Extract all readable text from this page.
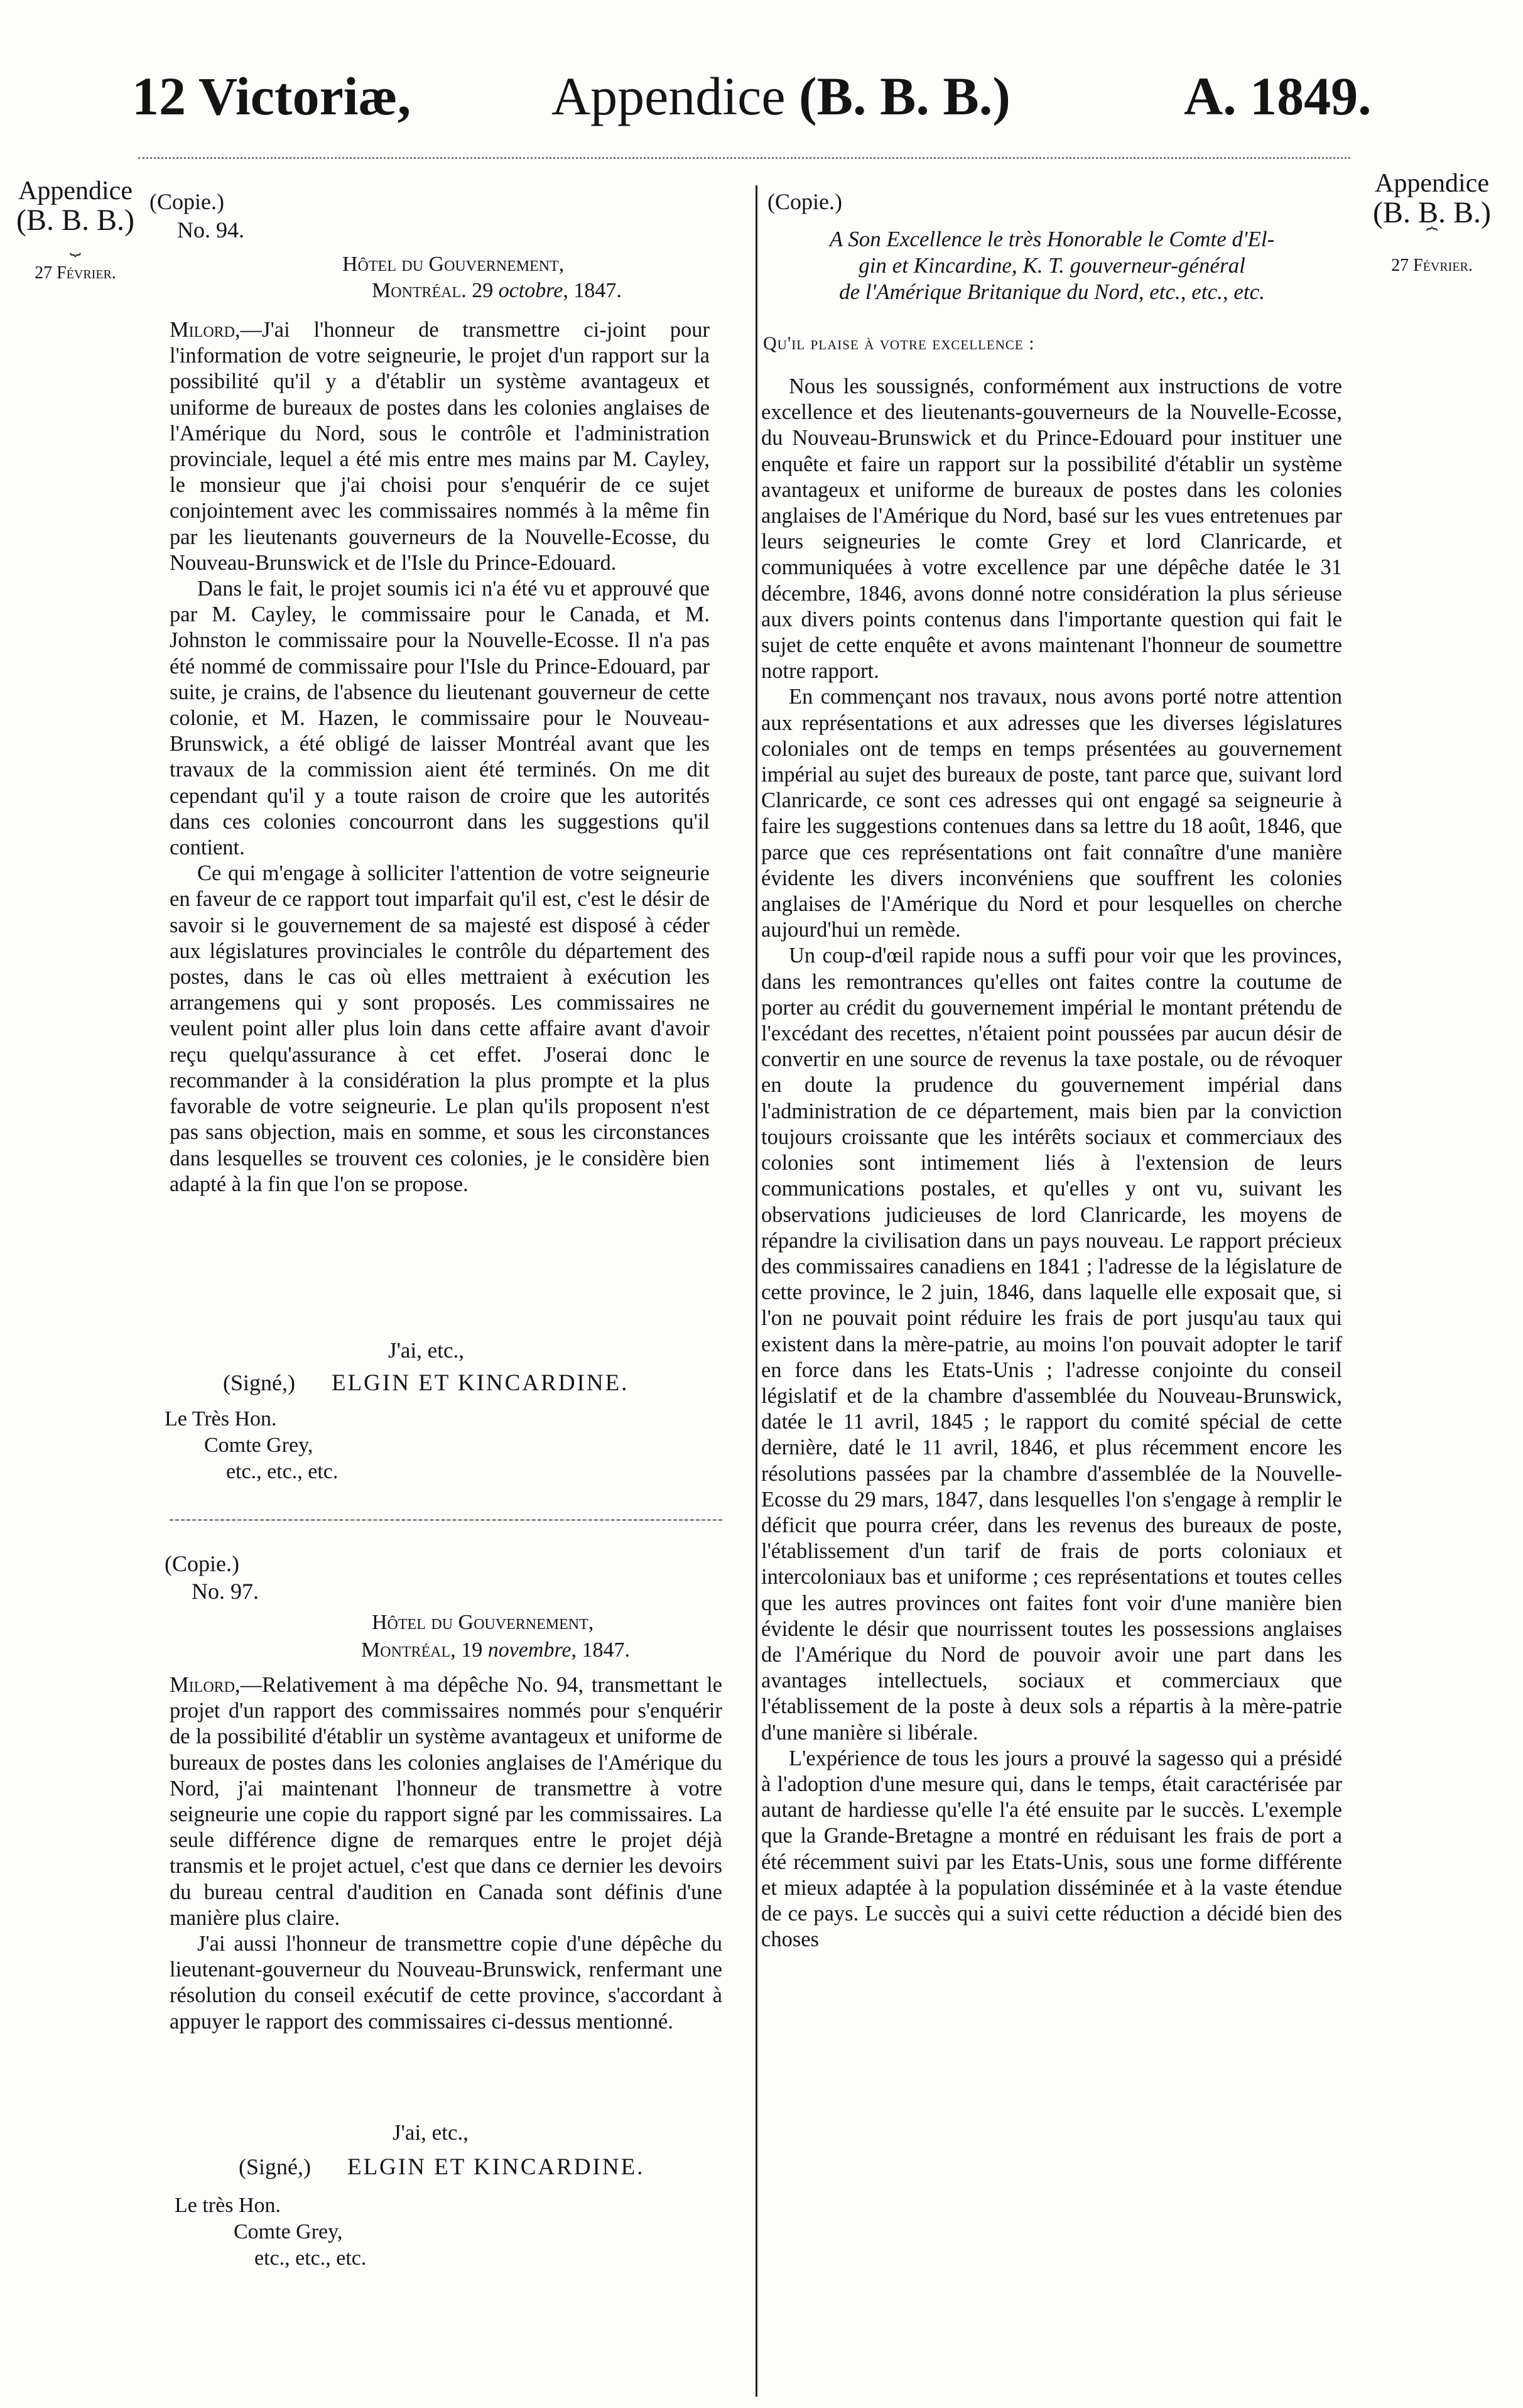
12 Victoriæ,	Appendice (B. B. B.)	A. 1849.
Appendice
(B. B. B.)
⏟
27 Février.
Appendice
(B. B. B.)
⏞
27 Février.
(Copie.)
No. 94.
Hôtel du Gouvernement,
Montréal. 29 octobre, 1847.

Milord,—J'ai l'honneur de transmettre ci-joint pour l'information de votre seigneurie, le projet d'un rapport sur la possibilité qu'il y a d'établir un système avantageux et uniforme de bureaux de postes dans les colonies anglaises de l'Amérique du Nord, sous le contrôle et l'administration provinciale, lequel a été mis entre mes mains par M. Cayley, le monsieur que j'ai choisi pour s'enquérir de ce sujet conjointement avec les commissaires nommés à la même fin par les lieutenants gouverneurs de la Nouvelle-Ecosse, du Nouveau-Brunswick et de l'Isle du Prince-Edouard.

Dans le fait, le projet soumis ici n'a été vu et approuvé que par M. Cayley, le commissaire pour le Canada, et M. Johnston le commissaire pour la Nouvelle-Ecosse. Il n'a pas été nommé de commissaire pour l'Isle du Prince-Edouard, par suite, je crains, de l'absence du lieutenant gouverneur de cette colonie, et M. Hazen, le commissaire pour le Nouveau-Brunswick, a été obligé de laisser Montréal avant que les travaux de la commission aient été terminés. On me dit cependant qu'il y a toute raison de croire que les autorités dans ces colonies concourront dans les suggestions qu'il contient.

Ce qui m'engage à solliciter l'attention de votre seigneurie en faveur de ce rapport tout imparfait qu'il est, c'est le désir de savoir si le gouvernement de sa majesté est disposé à céder aux législatures provinciales le contrôle du département des postes, dans le cas où elles mettraient à exécution les arrangemens qui y sont proposés. Les commissaires ne veulent point aller plus loin dans cette affaire avant d'avoir reçu quelqu'assurance à cet effet. J'oserai donc le recommander à la considération la plus prompte et la plus favorable de votre seigneurie. Le plan qu'ils proposent n'est pas sans objection, mais en somme, et sous les circonstances dans lesquelles se trouvent ces colonies, je le considère bien adapté à la fin que l'on se propose.

J'ai, etc.,
(Signé,) ELGIN ET KINCARDINE.
Le Très Hon.
Comte Grey,
etc., etc., etc.
(Copie.)
No. 97.
Hôtel du Gouvernement,
Montréal, 19 novembre, 1847.

Milord,—Relativement à ma dépêche No. 94, transmettant le projet d'un rapport des commissaires nommés pour s'enquérir de la possibilité d'établir un système avantageux et uniforme de bureaux de postes dans les colonies anglaises de l'Amérique du Nord, j'ai maintenant l'honneur de transmettre à votre seigneurie une copie du rapport signé par les commissaires. La seule différence digne de remarques entre le projet déjà transmis et le projet actuel, c'est que dans ce dernier les devoirs du bureau central d'audition en Canada sont définis d'une manière plus claire.

J'ai aussi l'honneur de transmettre copie d'une dépêche du lieutenant-gouverneur du Nouveau-Brunswick, renfermant une résolution du conseil exécutif de cette province, s'accordant à appuyer le rapport des commissaires ci-dessus mentionné.

J'ai, etc.,
(Signé,) ELGIN ET KINCARDINE.
Le très Hon.
Comte Grey,
etc., etc., etc.
(Copie.)
A Son Excellence le très Honorable le Comte d'El-
gin et Kincardine, K. T. gouverneur-général
de l'Amérique Britanique du Nord, etc., etc., etc.
Qu'il plaise à votre excellence :

Nous les soussignés, conformément aux instructions de votre excellence et des lieutenants-gouverneurs de la Nouvelle-Ecosse, du Nouveau-Brunswick et du Prince-Edouard pour instituer une enquête et faire un rapport sur la possibilité d'établir un système avantageux et uniforme de bureaux de postes dans les colonies anglaises de l'Amérique du Nord, basé sur les vues entretenues par leurs seigneuries le comte Grey et lord Clanricarde, et communiquées à votre excellence par une dépêche datée le 31 décembre, 1846, avons donné notre considération la plus sérieuse aux divers points contenus dans l'importante question qui fait le sujet de cette enquête et avons maintenant l'honneur de soumettre notre rapport.

En commençant nos travaux, nous avons porté notre attention aux représentations et aux adresses que les diverses législatures coloniales ont de temps en temps présentées au gouvernement impérial au sujet des bureaux de poste, tant parce que, suivant lord Clanricarde, ce sont ces adresses qui ont engagé sa seigneurie à faire les suggestions contenues dans sa lettre du 18 août, 1846, que parce que ces représentations ont fait connaître d'une manière évidente les divers inconvéniens que souffrent les colonies anglaises de l'Amérique du Nord et pour lesquelles on cherche aujourd'hui un remède.

Un coup-d'œil rapide nous a suffi pour voir que les provinces, dans les remontrances qu'elles ont faites contre la coutume de porter au crédit du gouvernement impérial le montant prétendu de l'excédant des recettes, n'étaient point poussées par aucun désir de convertir en une source de revenus la taxe postale, ou de révoquer en doute la prudence du gouvernement impérial dans l'administration de ce département, mais bien par la conviction toujours croissante que les intérêts sociaux et commerciaux des colonies sont intimement liés à l'extension de leurs communications postales, et qu'elles y ont vu, suivant les observations judicieuses de lord Clanricarde, les moyens de répandre la civilisation dans un pays nouveau. Le rapport précieux des commissaires canadiens en 1841 ; l'adresse de la législature de cette province, le 2 juin, 1846, dans laquelle elle exposait que, si l'on ne pouvait point réduire les frais de port jusqu'au taux qui existent dans la mère-patrie, au moins l'on pouvait adopter le tarif en force dans les Etats-Unis ; l'adresse conjointe du conseil législatif et de la chambre d'assemblée du Nouveau-Brunswick, datée le 11 avril, 1845 ; le rapport du comité spécial de cette dernière, daté le 11 avril, 1846, et plus récemment encore les résolutions passées par la chambre d'assemblée de la Nouvelle-Ecosse du 29 mars, 1847, dans lesquelles l'on s'engage à remplir le déficit que pourra créer, dans les revenus des bureaux de poste, l'établissement d'un tarif de frais de ports coloniaux et intercoloniaux bas et uniforme ; ces représentations et toutes celles que les autres provinces ont faites font voir d'une manière bien évidente le désir que nourrissent toutes les possessions anglaises de l'Amérique du Nord de pouvoir avoir une part dans les avantages intellectuels, sociaux et commerciaux que l'établissement de la poste à deux sols a répartis à la mère-patrie d'une manière si libérale.

L'expérience de tous les jours a prouvé la sagesso qui a présidé à l'adoption d'une mesure qui, dans le temps, était caractérisée par autant de hardiesse qu'elle l'a été ensuite par le succès. L'exemple que la Grande-Bretagne a montré en réduisant les frais de port a été récemment suivi par les Etats-Unis, sous une forme différente et mieux adaptée à la population disséminée et à la vaste étendue de ce pays. Le succès qui a suivi cette réduction a décidé bien des choses
